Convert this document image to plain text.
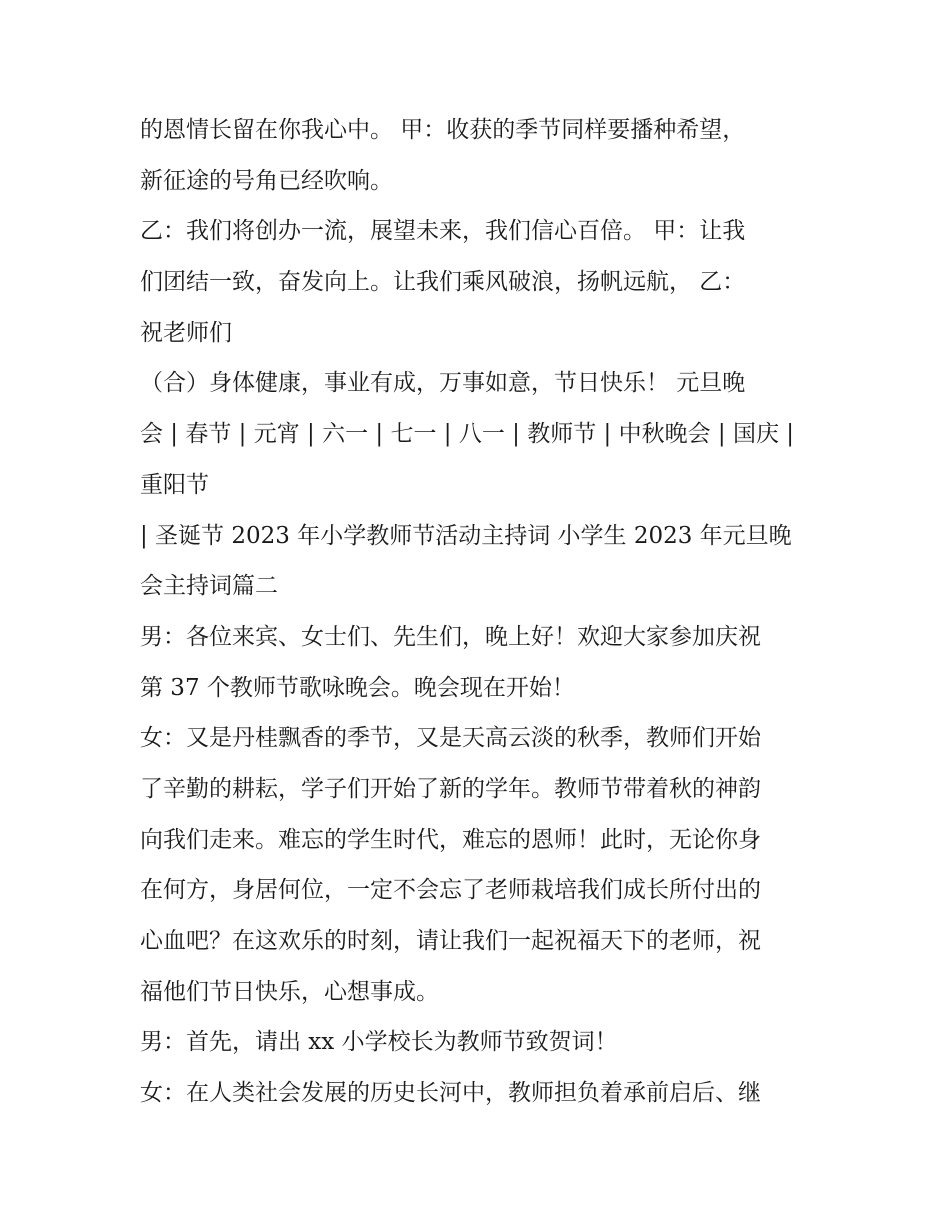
的恩情长留在你我心中。 甲：收获的季节同样要播种希望，
新征途的号角已经吹响。
乙：我们将创办一流，展望未来，我们信心百倍。 甲：让我
们团结一致，奋发向上。让我们乘风破浪，扬帆远航， 乙：
祝老师们
（合）身体健康，事业有成，万事如意，节日快乐！ 元旦晚
会 | 春节 | 元宵 | 六一 | 七一 | 八一 | 教师节 | 中秋晚会 | 国庆 |
重阳节
| 圣诞节 2023 年小学教师节活动主持词 小学生 2023 年元旦晚
会主持词篇二
男：各位来宾、女士们、先生们，晚上好！欢迎大家参加庆祝
第 37 个教师节歌咏晚会。晚会现在开始！
女：又是丹桂飘香的季节，又是天高云淡的秋季，教师们开始
了辛勤的耕耘，学子们开始了新的学年。教师节带着秋的神韵
向我们走来。难忘的学生时代，难忘的恩师！此时，无论你身
在何方，身居何位，一定不会忘了老师栽培我们成长所付出的
心血吧？在这欢乐的时刻，请让我们一起祝福天下的老师，祝
福他们节日快乐，心想事成。
男：首先，请出 xx 小学校长为教师节致贺词！
女：在人类社会发展的历史长河中，教师担负着承前启后、继
